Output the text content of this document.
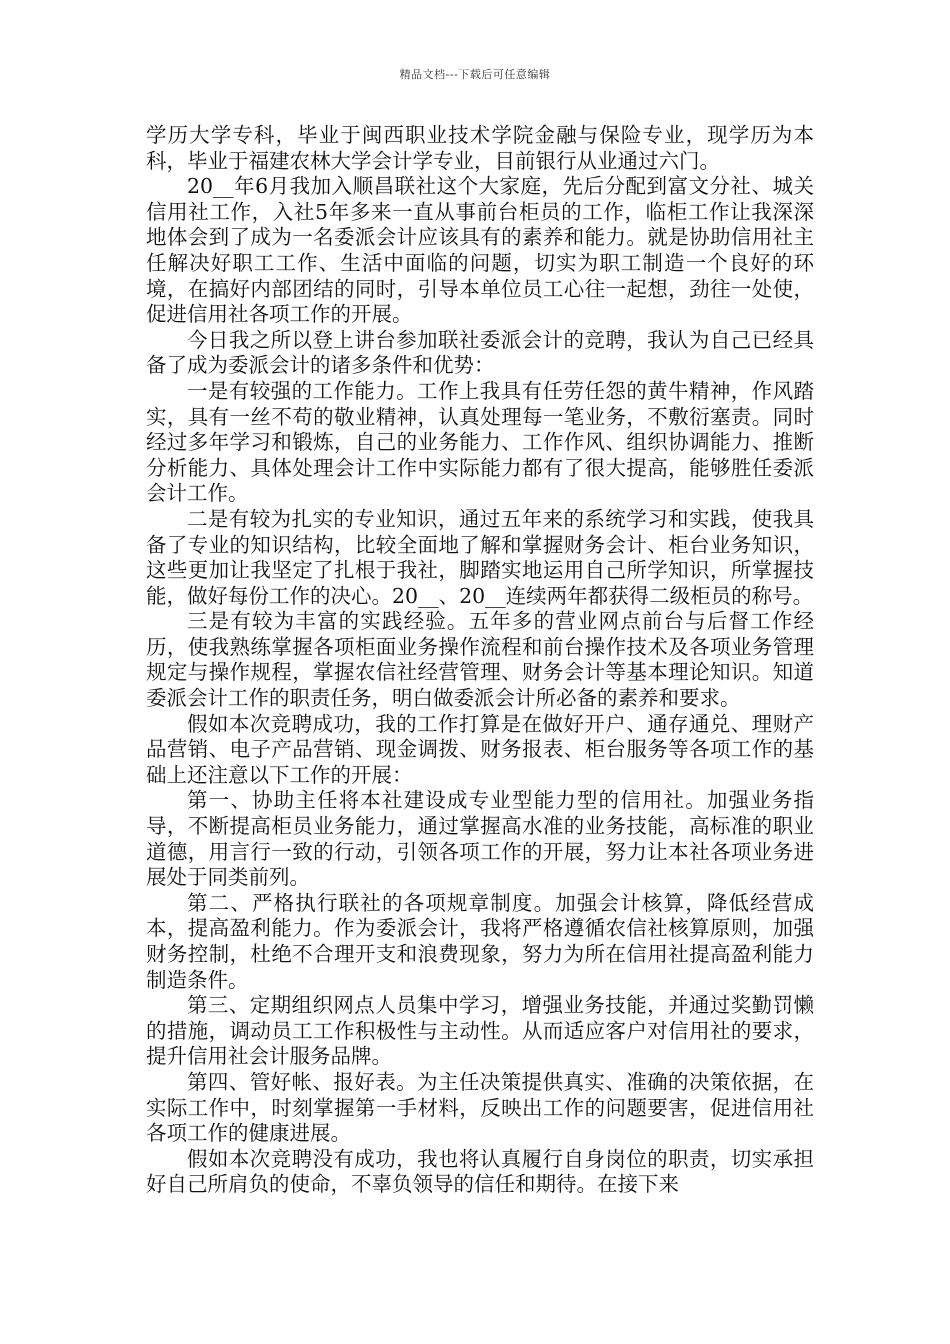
精品文档---下载后可任意编辑

学历大学专科，毕业于闽西职业技术学院金融与保险专业，现学历为本科，毕业于福建农林大学会计学专业，目前银行从业通过六门。

20__年6月我加入顺昌联社这个大家庭，先后分配到富文分社、城关信用社工作，入社5年多来一直从事前台柜员的工作，临柜工作让我深深地体会到了成为一名委派会计应该具有的素养和能力。就是协助信用社主任解决好职工工作、生活中面临的问题，切实为职工制造一个良好的环境，在搞好内部团结的同时，引导本单位员工心往一起想，劲往一处使，促进信用社各项工作的开展。

今日我之所以登上讲台参加联社委派会计的竞聘，我认为自己已经具备了成为委派会计的诸多条件和优势：

一是有较强的工作能力。工作上我具有任劳任怨的黄牛精神，作风踏实，具有一丝不苟的敬业精神，认真处理每一笔业务，不敷衍塞责。同时经过多年学习和锻炼，自己的业务能力、工作作风、组织协调能力、推断分析能力、具体处理会计工作中实际能力都有了很大提高，能够胜任委派会计工作。

二是有较为扎实的专业知识，通过五年来的系统学习和实践，使我具备了专业的知识结构，比较全面地了解和掌握财务会计、柜台业务知识，这些更加让我坚定了扎根于我社，脚踏实地运用自己所学知识，所掌握技能，做好每份工作的决心。20__、20__连续两年都获得二级柜员的称号。

三是有较为丰富的实践经验。五年多的营业网点前台与后督工作经历，使我熟练掌握各项柜面业务操作流程和前台操作技术及各项业务管理规定与操作规程，掌握农信社经营管理、财务会计等基本理论知识。知道委派会计工作的职责任务，明白做委派会计所必备的素养和要求。

假如本次竞聘成功，我的工作打算是在做好开户、通存通兑、理财产品营销、电子产品营销、现金调拨、财务报表、柜台服务等各项工作的基础上还注意以下工作的开展：

第一、协助主任将本社建设成专业型能力型的信用社。加强业务指导，不断提高柜员业务能力，通过掌握高水准的业务技能，高标准的职业道德，用言行一致的行动，引领各项工作的开展，努力让本社各项业务进展处于同类前列。

第二、严格执行联社的各项规章制度。加强会计核算，降低经营成本，提高盈利能力。作为委派会计，我将严格遵循农信社核算原则，加强财务控制，杜绝不合理开支和浪费现象，努力为所在信用社提高盈利能力制造条件。

第三、定期组织网点人员集中学习，增强业务技能，并通过奖勤罚懒的措施，调动员工工作积极性与主动性。从而适应客户对信用社的要求，提升信用社会计服务品牌。

第四、管好帐、报好表。为主任决策提供真实、准确的决策依据，在实际工作中，时刻掌握第一手材料，反映出工作的问题要害，促进信用社各项工作的健康进展。

假如本次竞聘没有成功，我也将认真履行自身岗位的职责，切实承担好自己所肩负的使命，不辜负领导的信任和期待。在接下来
